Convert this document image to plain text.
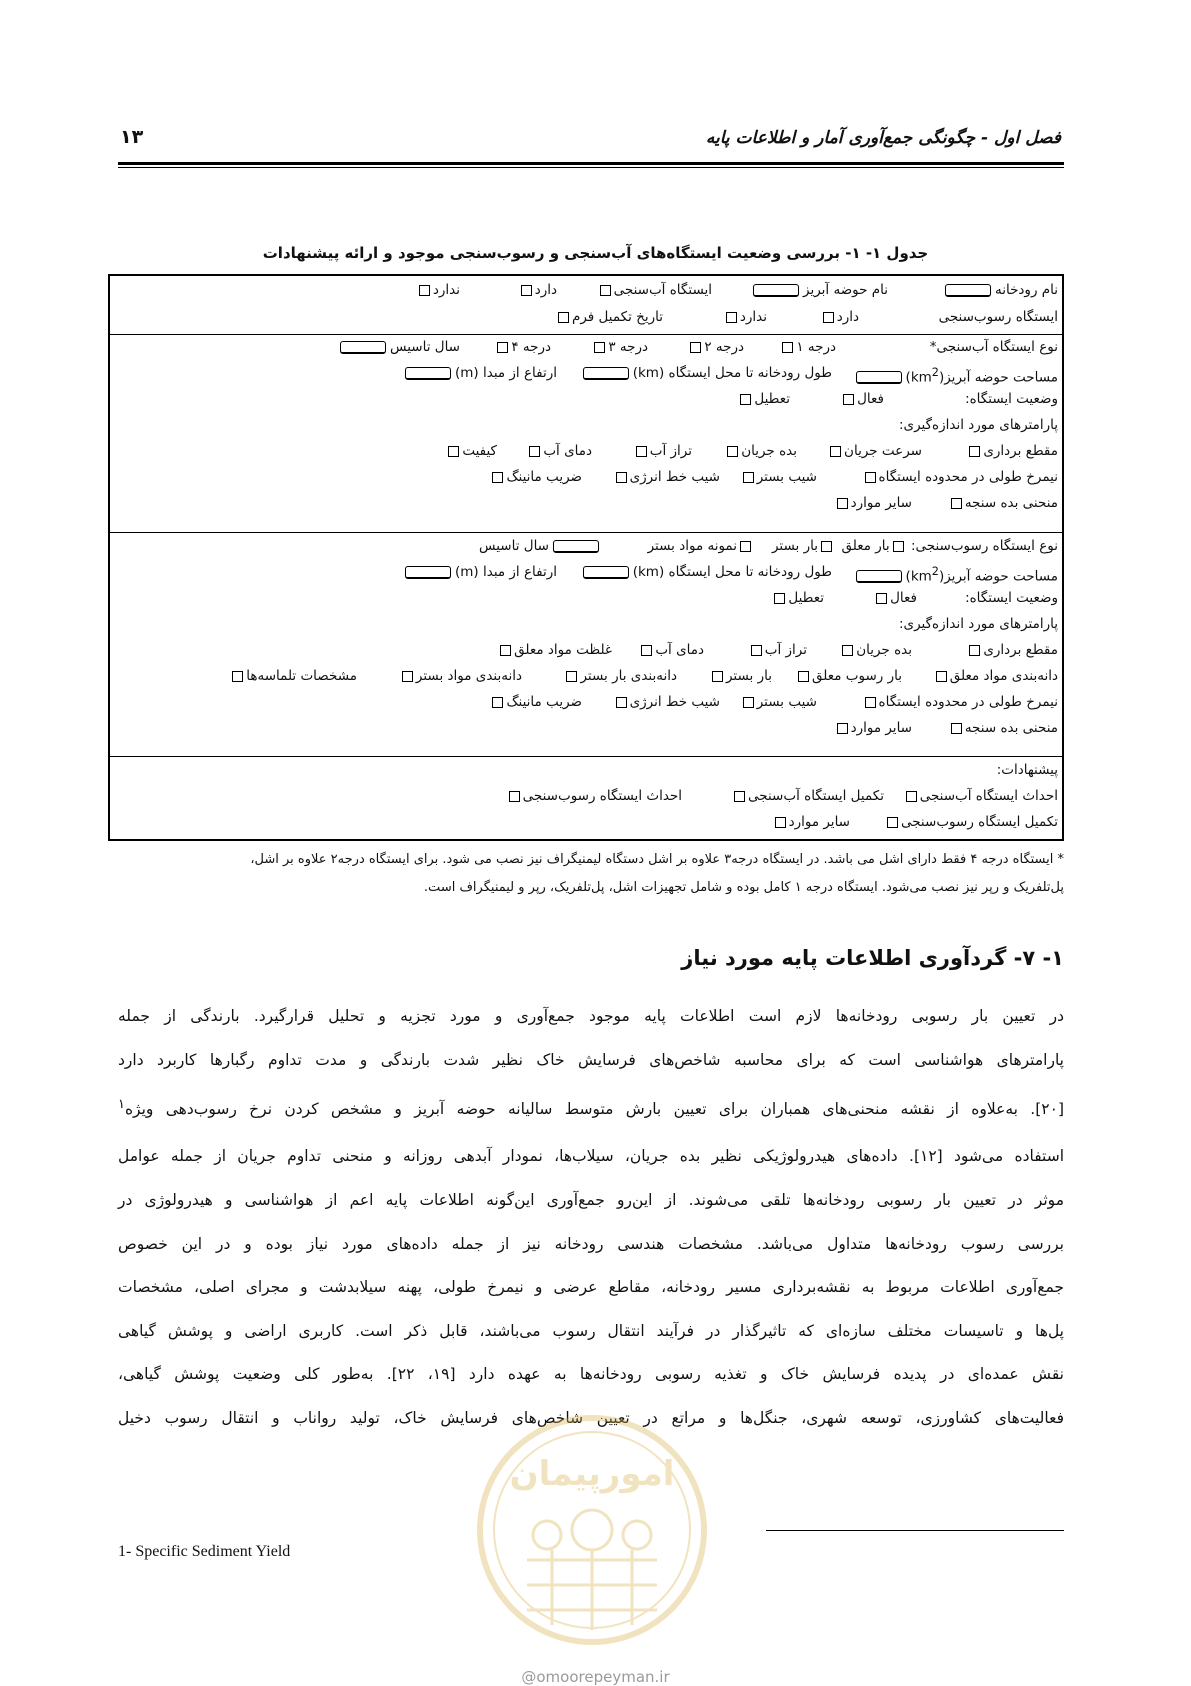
فصل اول - چگونگی جمع‌آوری آمار و اطلاعات پایه
۱۳
جدول ۱- ۱- بررسی وضعیت ایستگاه‌های آب‌سنجی و رسوب‌سنجی موجود و ارائه پیشنهادات
نام رودخانه
نام حوضه آبریز
ایستگاه آب‌سنجی
دارد
ندارد
ایستگاه رسوب‌سنجی
دارد
ندارد
تاریخ تکمیل فرم
نوع ایستگاه آب‌سنجی*
درجه ۱
درجه ۲
درجه ۳
درجه ۴
سال تاسیس
مساحت حوضه $آبریز(km^2)$
طول رودخانه تا محل ایستگاه (km)
ارتفاع از مبدا (m)
وضعیت ایستگاه:
فعال
تعطیل
پارامترهای مورد اندازه‌گیری:
مقطع برداری
سرعت جریان
بده جریان
تراز آب
دمای آب
کیفیت
نیمرخ طولی در محدوده ایستگاه
شیب بستر
شیب خط انرژی
ضریب مانینگ
منحنی بده سنجه
سایر موارد
نوع ایستگاه رسوب‌سنجی: بار معلق
بار بستر
نمونه مواد بستر
سال تاسیس
مساحت حوضه $آبریز(km^2)$
طول رودخانه تا محل ایستگاه (km)
ارتفاع از مبدا (m)
وضعیت ایستگاه:
فعال
تعطیل
پارامترهای مورد اندازه‌گیری:
مقطع برداری
بده جریان
تراز آب
دمای آب
غلظت مواد معلق
دانه‌بندی مواد معلق
بار رسوب معلق
بار بستر
دانه‌بندی بار بستر
دانه‌بندی مواد بستر
مشخصات تلماسه‌ها
نیمرخ طولی در محدوده ایستگاه
شیب بستر
شیب خط انرژی
ضریب مانینگ
منحنی بده سنجه
سایر موارد
پیشنهادات:
احداث ایستگاه آب‌سنجی
تکمیل ایستگاه آب‌سنجی
احداث ایستگاه رسوب‌سنجی
تکمیل ایستگاه رسوب‌سنجی
سایر موارد
* ایستگاه درجه ۴ فقط دارای اشل می باشد. در ایستگاه درجه۳ علاوه بر اشل دستگاه لیمنیگراف نیز نصب می شود. برای ایستگاه درجه۲ علاوه بر اشل،
پل‌تلفریک و رپر نیز نصب می‌شود. ایستگاه درجه ۱ کامل بوده و شامل تجهیزات اشل، پل‌تلفریک، رپر و لیمنیگراف است.
۱- ۷- گردآوری اطلاعات پایه مورد نیاز
در تعیین بار رسوبی رودخانه‌ها لازم است اطلاعات پایه موجود جمع‌آوری و مورد تجزیه و تحلیل قرارگیرد. بارندگی از جمله
پارامترهای هواشناسی است که برای محاسبه شاخص‌های فرسایش خاک نظیر شدت بارندگی و مدت تداوم رگبارها کاربرد دارد
[۲۰]. به‌علاوه از نقشه منحنی‌های همباران برای تعیین بارش متوسط سالیانه حوضه آبریز و مشخص کردن نرخ رسوب‌دهی ویژه$^۱$
استفاده می‌شود [۱۲]. داده‌های هیدرولوژیکی نظیر بده جریان، سیلاب‌ها، نمودار آبدهی روزانه و منحنی تداوم جریان از جمله عوامل
موثر در تعیین بار رسوبی رودخانه‌ها تلقی می‌شوند. از این‌رو جمع‌آوری این‌گونه اطلاعات پایه اعم از هواشناسی و هیدرولوژی در
بررسی رسوب رودخانه‌ها متداول می‌باشد. مشخصات هندسی رودخانه نیز از جمله داده‌های مورد نیاز بوده و در این خصوص
جمع‌آوری اطلاعات مربوط به نقشه‌برداری مسیر رودخانه، مقاطع عرضی و نیمرخ طولی، پهنه سیلابدشت و مجرای اصلی، مشخصات
پل‌ها و تاسیسات مختلف سازه‌ای که تاثیرگذار در فرآیند انتقال رسوب می‌باشند، قابل ذکر است. کاربری اراضی و پوشش گیاهی
نقش عمده‌ای در پدیده فرسایش خاک و تغذیه رسوبی رودخانه‌ها به عهده دارد [۱۹، ۲۲]. به‌طور کلی وضعیت پوشش گیاهی،
فعالیت‌های کشاورزی، توسعه شهری، جنگل‌ها و مراتع در تعیین شاخص‌های فرسایش خاک، تولید رواناب و انتقال رسوب دخیل
امورپیمان
1- Specific Sediment Yield
@omoorepeyman.ir
